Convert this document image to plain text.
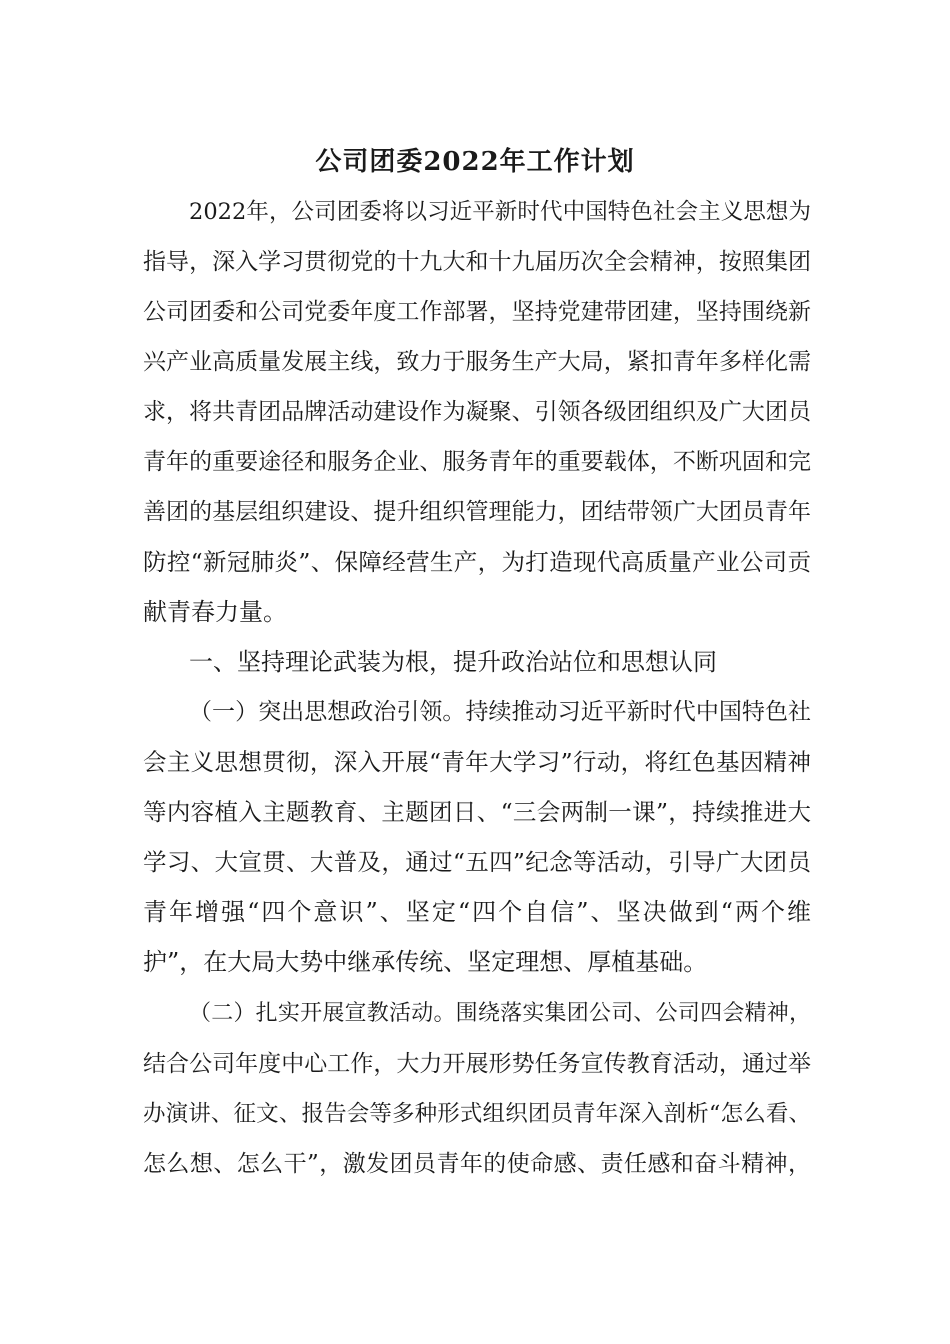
公司团委2022年工作计划
2022年，公司团委将以习近平新时代中国特色社会主义思想为
指导，深入学习贯彻党的十九大和十九届历次全会精神，按照集团
公司团委和公司党委年度工作部署，坚持党建带团建，坚持围绕新
兴产业高质量发展主线，致力于服务生产大局，紧扣青年多样化需
求，将共青团品牌活动建设作为凝聚、引领各级团组织及广大团员
青年的重要途径和服务企业、服务青年的重要载体，不断巩固和完
善团的基层组织建设、提升组织管理能力，团结带领广大团员青年
防控“新冠肺炎”、保障经营生产，为打造现代高质量产业公司贡
献青春力量。
一、坚持理论武装为根，提升政治站位和思想认同
（一）突出思想政治引领。持续推动习近平新时代中国特色社
会主义思想贯彻，深入开展“青年大学习”行动，将红色基因精神
等内容植入主题教育、主题团日、“三会两制一课”，持续推进大
学习、大宣贯、大普及，通过“五四”纪念等活动，引导广大团员
青年增强“四个意识”、坚定“四个自信”、坚决做到“两个维
护”，在大局大势中继承传统、坚定理想、厚植基础。
（二）扎实开展宣教活动。围绕落实集团公司、公司四会精神，
结合公司年度中心工作，大力开展形势任务宣传教育活动，通过举
办演讲、征文、报告会等多种形式组织团员青年深入剖析“怎么看、
怎么想、怎么干”，激发团员青年的使命感、责任感和奋斗精神，
